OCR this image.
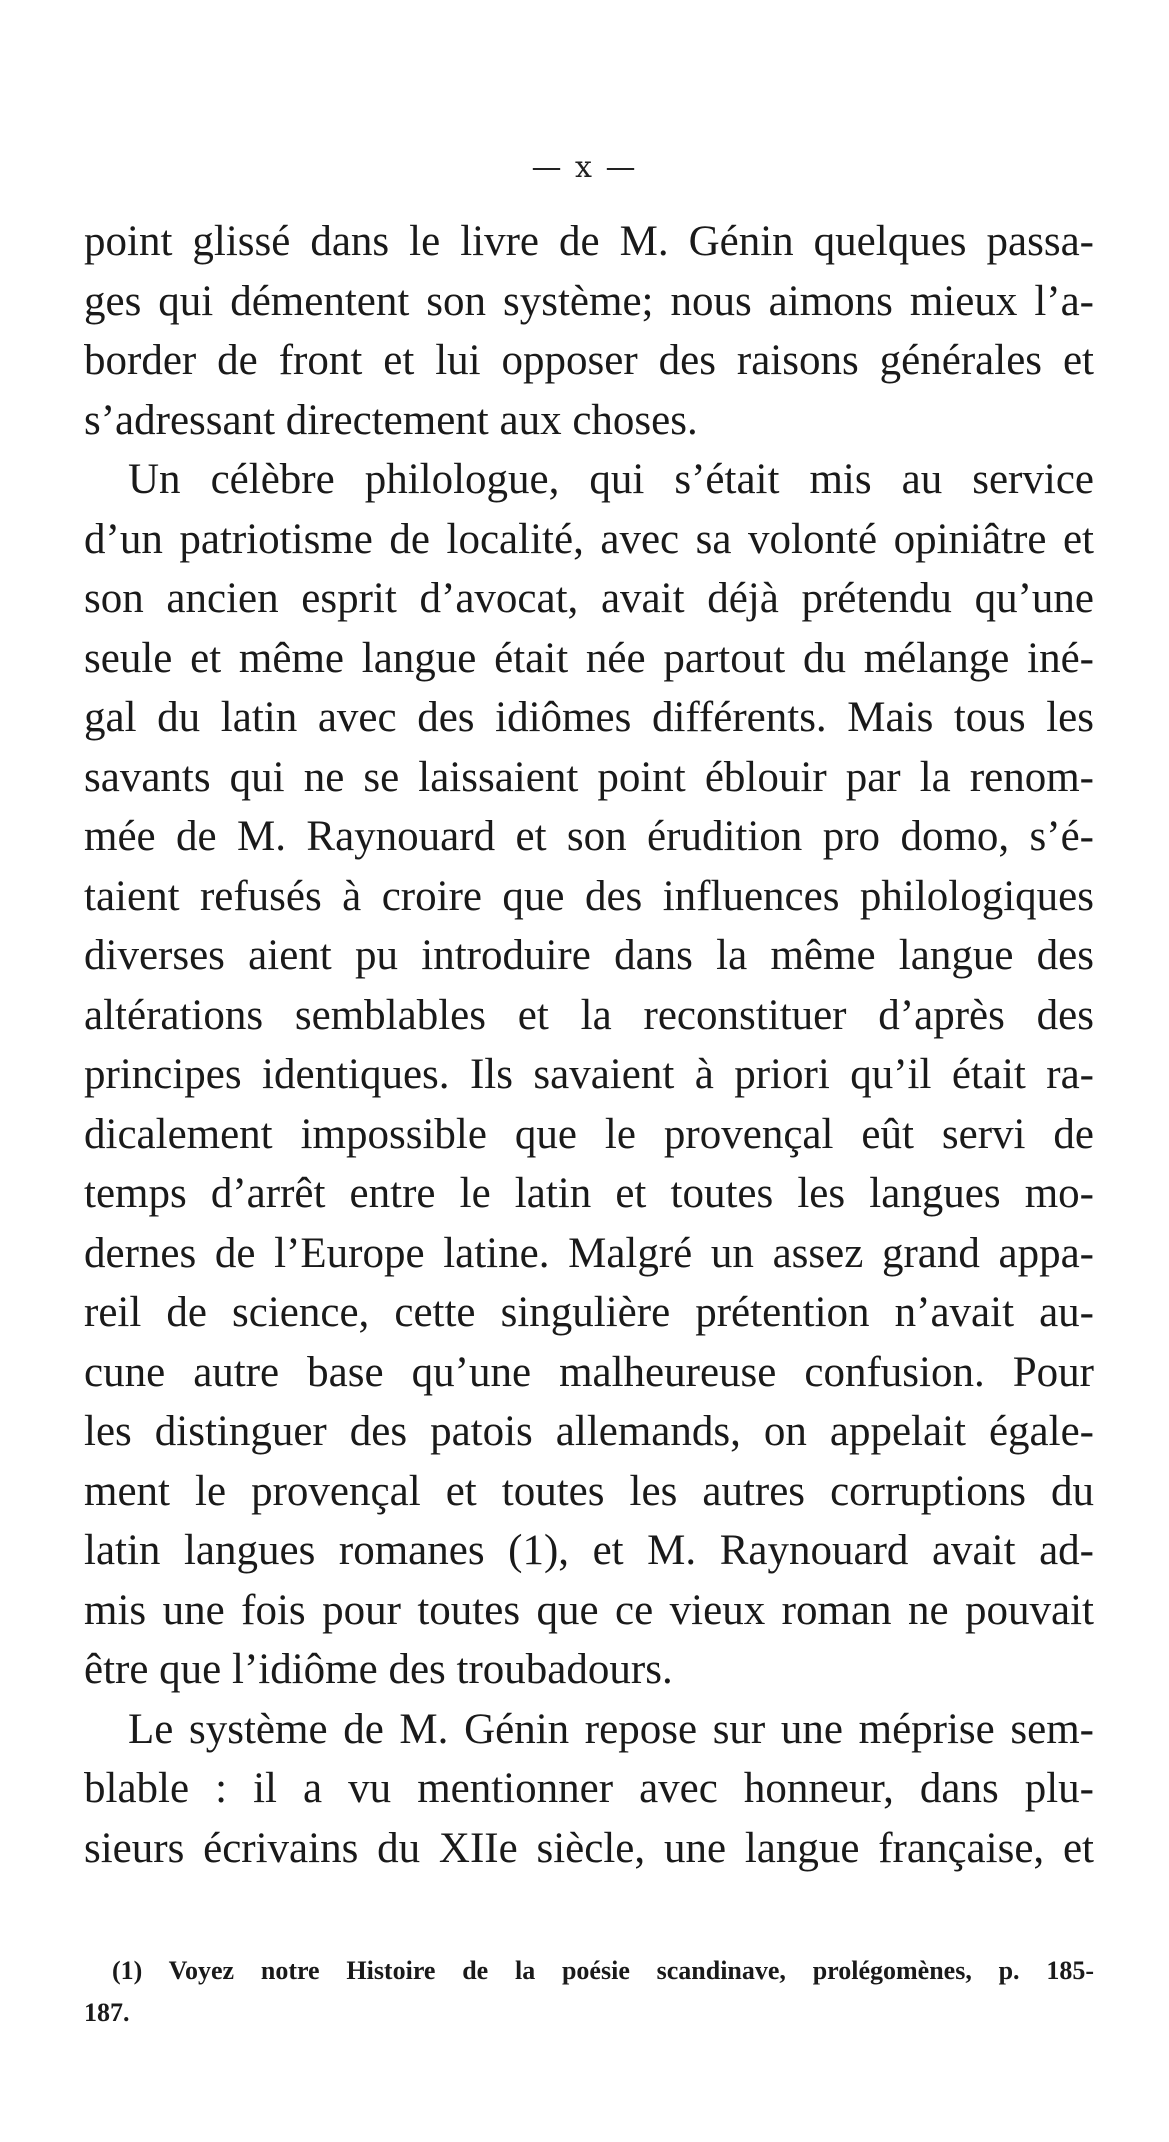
— x —
point glissé dans le livre de M. Génin quelques passa-
ges qui démentent son système; nous aimons mieux l’a-
border de front et lui opposer des raisons générales et
s’adressant directement aux choses.
Un célèbre philologue, qui s’était mis au service
d’un patriotisme de localité, avec sa volonté opiniâtre et
son ancien esprit d’avocat, avait déjà prétendu qu’une
seule et même langue était née partout du mélange iné-
gal du latin avec des idiômes différents. Mais tous les
savants qui ne se laissaient point éblouir par la renom-
mée de M. Raynouard et son érudition pro domo, s’é-
taient refusés à croire que des influences philologiques
diverses aient pu introduire dans la même langue des
altérations semblables et la reconstituer d’après des
principes identiques. Ils savaient à priori qu’il était ra-
dicalement impossible que le provençal eût servi de
temps d’arrêt entre le latin et toutes les langues mo-
dernes de l’Europe latine. Malgré un assez grand appa-
reil de science, cette singulière prétention n’avait au-
cune autre base qu’une malheureuse confusion. Pour
les distinguer des patois allemands, on appelait égale-
ment le provençal et toutes les autres corruptions du
latin langues romanes (1), et M. Raynouard avait ad-
mis une fois pour toutes que ce vieux roman ne pouvait
être que l’idiôme des troubadours.
Le système de M. Génin repose sur une méprise sem-
blable : il a vu mentionner avec honneur, dans plu-
sieurs écrivains du XIIe siècle, une langue française, et
(1) Voyez notre Histoire de la poésie scandinave, prolégomènes, p. 185-
187.
